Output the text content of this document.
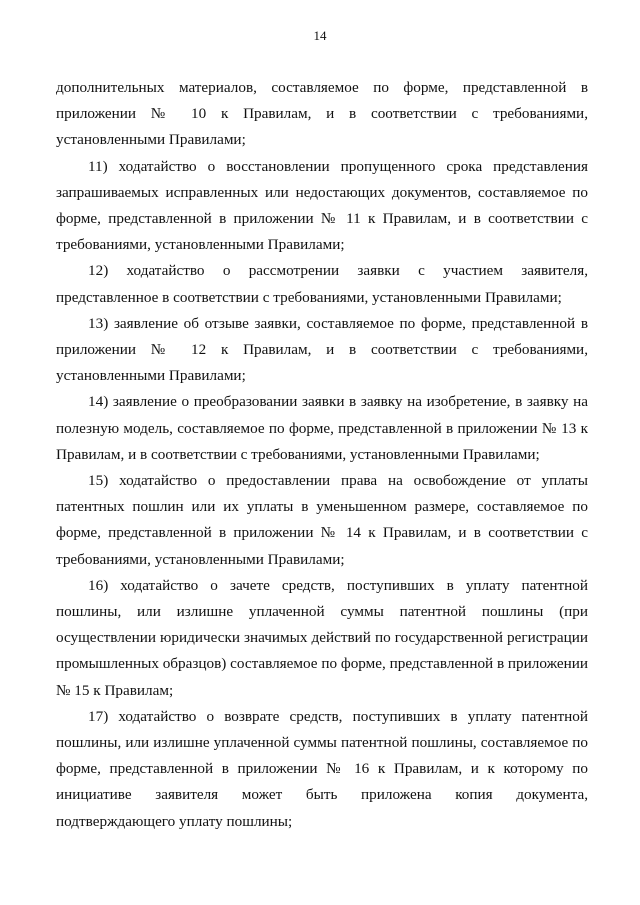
14

дополнительных материалов, составляемое по форме, представленной в приложении № 10 к Правилам, и в соответствии с требованиями, установленными Правилами;

11) ходатайство о восстановлении пропущенного срока представления запрашиваемых исправленных или недостающих документов, составляемое по форме, представленной в приложении № 11 к Правилам, и в соответствии с требованиями, установленными Правилами;

12) ходатайство о рассмотрении заявки с участием заявителя, представленное в соответствии с требованиями, установленными Правилами;

13) заявление об отзыве заявки, составляемое по форме, представленной в приложении № 12 к Правилам, и в соответствии с требованиями, установленными Правилами;

14) заявление о преобразовании заявки в заявку на изобретение, в заявку на полезную модель, составляемое по форме, представленной в приложении № 13 к Правилам, и в соответствии с требованиями, установленными Правилами;

15) ходатайство о предоставлении права на освобождение от уплаты патентных пошлин или их уплаты в уменьшенном размере, составляемое по форме, представленной в приложении № 14 к Правилам, и в соответствии с требованиями, установленными Правилами;

16) ходатайство о зачете средств, поступивших в уплату патентной пошлины, или излишне уплаченной суммы патентной пошлины (при осуществлении юридически значимых действий по государственной регистрации промышленных образцов) составляемое по форме, представленной в приложении № 15 к Правилам;

17) ходатайство о возврате средств, поступивших в уплату патентной пошлины, или излишне уплаченной суммы патентной пошлины, составляемое по форме, представленной в приложении № 16 к Правилам, и к которому по инициативе заявителя может быть приложена копия документа, подтверждающего уплату пошлины;
